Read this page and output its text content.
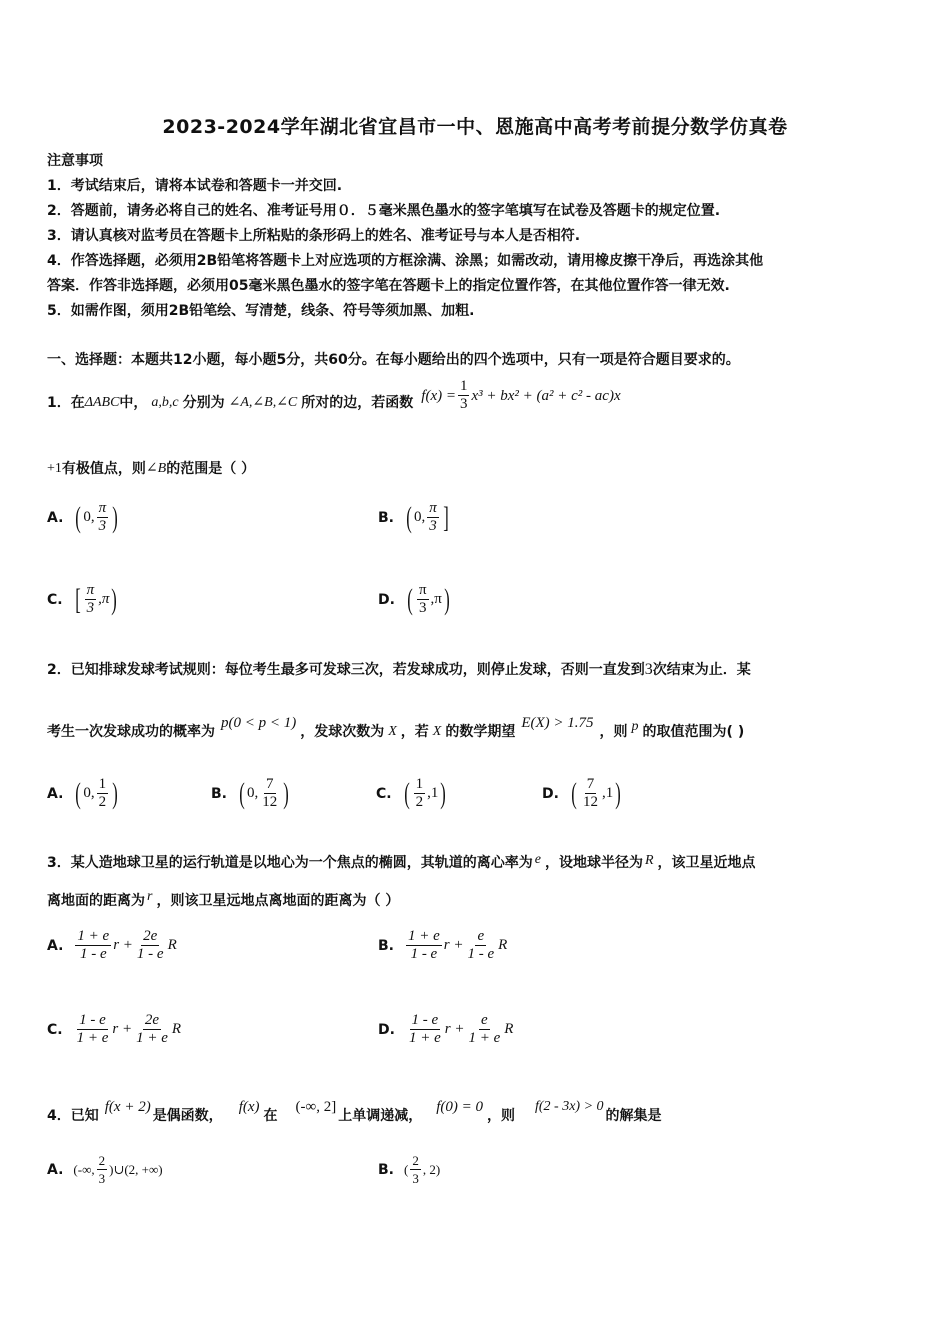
2023-2024学年湖北省宜昌市一中、恩施高中高考考前提分数学仿真卷
注意事项
1．考试结束后，请将本试卷和答题卡一并交回.
2．答题前，请务必将自己的姓名、准考证号用０．５毫米黑色墨水的签字笔填写在试卷及答题卡的规定位置.
3．请认真核对监考员在答题卡上所粘贴的条形码上的姓名、准考证号与本人是否相符.
4．作答选择题，必须用2B铅笔将答题卡上对应选项的方框涂满、涂黑；如需改动，请用橡皮擦干净后，再选涂其他
答案．作答非选择题，必须用05毫米黑色墨水的签字笔在答题卡上的指定位置作答，在其他位置作答一律无效.
5．如需作图，须用2B铅笔绘、写清楚，线条、符号等须加黑、加粗.
一、选择题：本题共12小题，每小题5分，共60分。在每小题给出的四个选项中，只有一项是符合题目要求的。
1．在 ΔABC 中， a,b,c 分别为 ∠A,∠B,∠C 所对的边，若函数 $f(x) = \frac{1}{3} x^3 + bx^2 + (a^2 + c^2 - ac)x$
+1 有极值点，则 ∠B 的范围是（ ）
A. ( 0, $\frac{\pi}{3}$ )	B. ( 0, $\frac{\pi}{3}$ ]
C. [ $\frac{\pi}{3} ,\pi$ )	D. ( $\frac{\pi}{3} ,\pi$ )
2．已知排球发球考试规则：每位考生最多可发球三次，若发球成功，则停止发球，否则一直发到 3 次结束为止．某
考生一次发球成功的概率为
p(0 < p < 1)
，发球次数为 X ，若 X 的数学期望
E(X) > 1.75
，则 p 的取值范围为( )
A. ( 0, $\frac{1}{2}$ )	B. ( 0, $\frac{7}{12}$ )	C. ( $\frac{1}{2} ,1$ )	D. ( $\frac{7}{12} ,1$ )
3．某人造地球卫星的运行轨道是以地心为一个焦点的椭圆，其轨道的离心率为 e ，设地球半径为 R ，该卫星近地点
离地面的距离为 r ，则该卫星远地点离地面的距离为（ ）
A. $\frac{1 + e}{1 - e}$ $r + \frac{2e}{1 - e}$ R	B. $\frac{1 + e}{1 - e}$ $r + \frac{e}{1 - e}$ R
C. $\frac{1 - e}{1 + e}$ $r + \frac{2e}{1 + e}$ R	D. $\frac{1 - e}{1 + e}$ $r + \frac{e}{1 + e}$ R
4．已知
f(x + 2)
是偶函数，
f(x)
在
(-∞, 2]
上单调递减，
f(0) = 0
，则
f(2 - 3x) > 0
的解集是
A. (-∞, $\frac{2}{3}$ )∪(2, +∞)	B. ( $\frac{2}{3}$ , 2)
